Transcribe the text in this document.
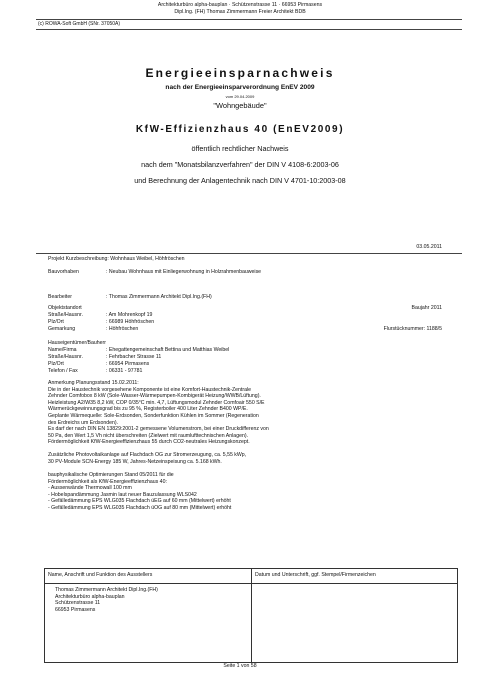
Architekturbüro alpha-bauplan · Schützenstrasse 11 · 66953 Pirmasens
Dipl.Ing. (FH) Thomas Zimmermann Freier Architekt BDB
(c) ROWA-Soft GmbH (SNr. 37050A)
Energieeinsparnachweis
nach der Energieeinsparverordnung EnEV 2009
vom 29.04.2009
"Wohngebäude"
KfW-Effizienzhaus 40 (EnEV2009)
öffentlich rechtlicher Nachweis
nach dem "Monatsbilanzverfahren" der DIN V 4108-6:2003-06
und Berechnung der Anlagentechnik nach DIN V 4701-10:2003-08
03.05.2011
Projekt Kurzbeschreibung: Wohnhaus Weibel, Höhfröschen
Bauvorhaben	: Neubau Wohnhaus mit Einliegerwohnung in Holzrahmenbauweise
Bearbeiter	: Thomas Zimmermann Architekt Dipl.Ing.(FH)
Objektstandort	Baujahr 2011
Straße/Hausnr.	: Am Mohrenkopf 19
Plz/Ort	: 66989 Höhfröschen
Gemarkung	: Höhfröschen	Flurstücknummer: 1188/5
Hauseigentümer/Bauherr
Name/Firma	: Ehegattengemeinschaft Bettina und Matthias Weibel
Straße/Hausnr.	: Fehrbacher Strasse 11
Plz/Ort	: 66954 Pirmasens
Telefon / Fax	: 06331 - 97781
Anmerkung Planungsstand 15.02.2011:
Die in der Haustechnik vorgesehene Komponente ist eine Komfort-Haustechnik-Zentrale
Zehnder Comfobox 8 kW (Sole-Wasser-Wärmepumpen-Kombigerät Heizung/WWB/Lüftung).
Heizleistung A2/W35 8,2 kW, COP 0/35°C min. 4,7, Lüftungsmodul Zehnder Comfoair 550 S/E
Wärmerückgewinnungsgrad bis zu 95 %, Registerboiler 400 Liter Zehnder B400 WP/E.
Geplante Wärmequelle: Sole-Erdsonden, Sonderfunktion Kühlen im Sommer (Regeneration
des Erdreichs um Erdsonden).
Es darf der nach DIN EN 13829:2001-2 gemessene Volumenstrom, bei einer Druckdifferenz von
50 Pa, den Wert 1,5 Vh nicht überschreiten (Zielwert mit raumlufttechnischen Anlagen).
Fördermöglichkeit KfW-Energieeffizienzhaus 55 durch CO2-neutrales Heizungskonzept.
Zusätzliche Photovoltaikanlage auf Flachdach OG zur Stromerzeugung, ca. 5,55 kWp,
30 PV-Module SCN-Energy 185 W, Jahres-Netzeinspeisung ca. 5.168 kWh.
bauphysikalische Optimierungen Stand 05/2011 für die
Fördermöglichkeit als KfW-Energieeffizienzhaus 40:
- Aussenwände Thermowall 100 mm
- Hobelspandämmung Jasmin laut neuer Bauzulassung WLS042
- Gefälledämmung EPS WLG035 Flachdach üEG auf 60 mm (Mittelwert) erhöht
- Gefälledämmung EPS WLG035 Flachdach üOG auf 80 mm (Mittelwert) erhöht
Name, Anschrift und Funktion des Ausstellers	Datum und Unterschrift, ggf. Stempel/Firmenzeichen

Thomas Zimmermann Architekt Dipl.Ing.(FH)
Architekturbüro alpha-bauplan
Schützenstrasse 11
66953 Pirmasens	

Seite 1 von 58
